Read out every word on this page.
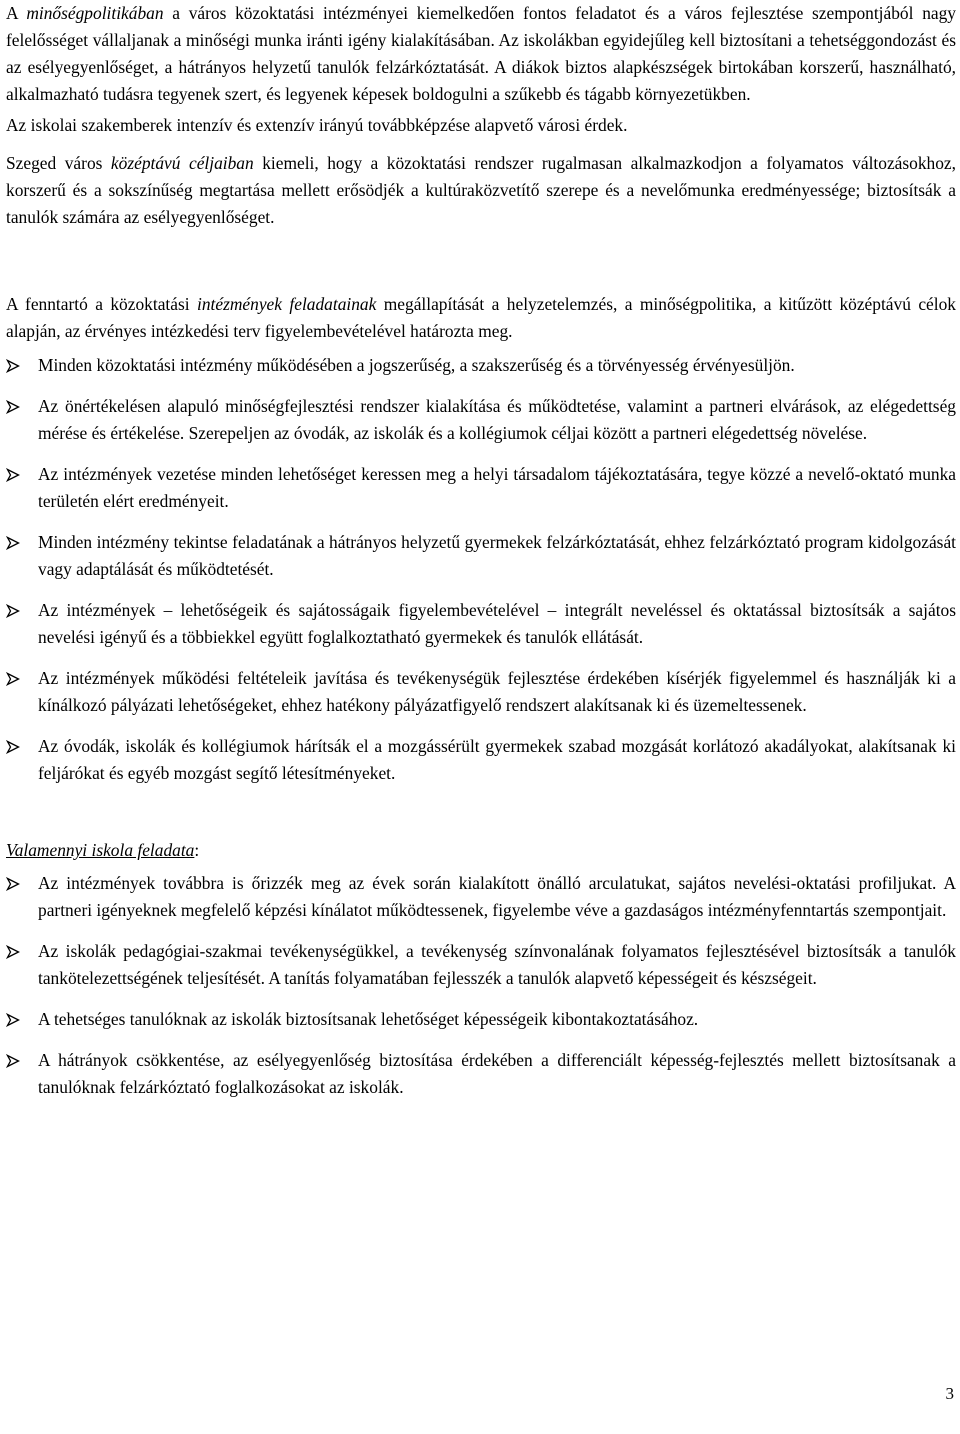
A minőségpolitikában a város közoktatási intézményei kiemelkedően fontos feladatot és a város fejlesztése szempontjából nagy felelősséget vállaljanak a minőségi munka iránti igény kialakításában. Az iskolákban egyidejűleg kell biztosítani a tehetséggondozást és az esélyegyenlőséget, a hátrányos helyzetű tanulók felzárkóztatását. A diákok biztos alapkészségek birtokában korszerű, használható, alkalmazható tudásra tegyenek szert, és legyenek képesek boldogulni a szűkebb és tágabb környezetükben.

Az iskolai szakemberek intenzív és extenzív irányú továbbképzése alapvető városi érdek.

Szeged város középtávú céljaiban kiemeli, hogy a közoktatási rendszer rugalmasan alkalmazkodjon a folyamatos változásokhoz, korszerű és a sokszínűség megtartása mellett erősödjék a kultúraközvetítő szerepe és a nevelőmunka eredményessége; biztosítsák a tanulók számára az esélyegyenlőséget.

A fenntartó a közoktatási intézmények feladatainak megállapítását a helyzetelemzés, a minőségpolitika, a kitűzött középtávú célok alapján, az érvényes intézkedési terv figyelembevételével határozta meg.

Minden közoktatási intézmény működésében a jogszerűség, a szakszerűség és a törvényesség érvényesüljön.

Az önértékelésen alapuló minőségfejlesztési rendszer kialakítása és működtetése, valamint a partneri elvárások, az elégedettség mérése és értékelése. Szerepeljen az óvodák, az iskolák és a kollégiumok céljai között a partneri elégedettség növelése.

Az intézmények vezetése minden lehetőséget keressen meg a helyi társadalom tájékoztatására, tegye közzé a nevelő-oktató munka területén elért eredményeit.

Minden intézmény tekintse feladatának a hátrányos helyzetű gyermekek felzárkóztatását, ehhez felzárkóztató program kidolgozását vagy adaptálását és működtetését.

Az intézmények – lehetőségeik és sajátosságaik figyelembevételével – integrált neveléssel és oktatással biztosítsák a sajátos nevelési igényű és a többiekkel együtt foglalkoztatható gyermekek és tanulók ellátását.

Az intézmények működési feltételeik javítása és tevékenységük fejlesztése érdekében kísérjék figyelemmel és használják ki a kínálkozó pályázati lehetőségeket, ehhez hatékony pályázatfigyelő rendszert alakítsanak ki és üzemeltessenek.

Az óvodák, iskolák és kollégiumok hárítsák el a mozgássérült gyermekek szabad mozgását korlátozó akadályokat, alakítsanak ki feljárókat és egyéb mozgást segítő létesítményeket.

Valamennyi iskola feladata:

Az intézmények továbbra is őrizzék meg az évek során kialakított önálló arculatukat, sajátos nevelési-oktatási profiljukat. A partneri igényeknek megfelelő képzési kínálatot működtessenek, figyelembe véve a gazdaságos intézményfenntartás szempontjait.

Az iskolák pedagógiai-szakmai tevékenységükkel, a tevékenység színvonalának folyamatos fejlesztésével biztosítsák a tanulók tankötelezettségének teljesítését. A tanítás folyamatában fejlesszék a tanulók alapvető képességeit és készségeit.

A tehetséges tanulóknak az iskolák biztosítsanak lehetőséget képességeik kibontakoztatásához.

A hátrányok csökkentése, az esélyegyenlőség biztosítása érdekében a differenciált képesség-fejlesztés mellett biztosítsanak a tanulóknak felzárkóztató foglalkozásokat az iskolák.

3
